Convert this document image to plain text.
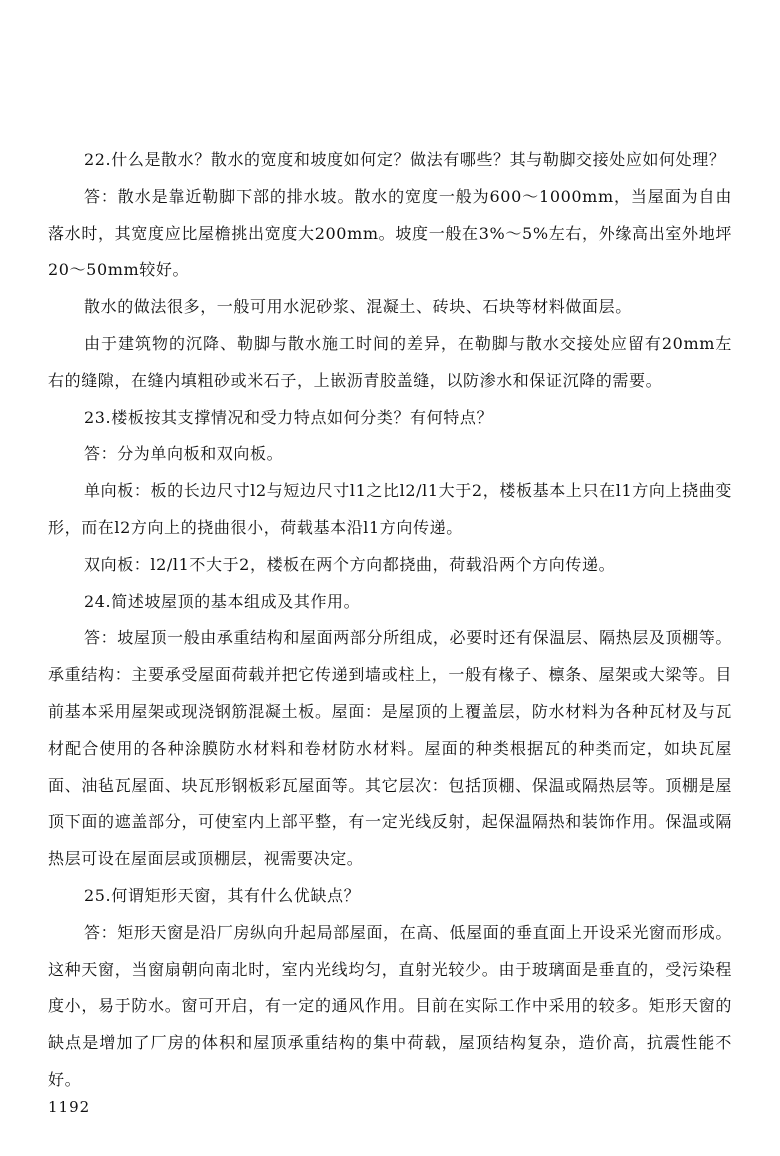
22.什么是散水？散水的宽度和坡度如何定？做法有哪些？其与勒脚交接处应如何处理？

答：散水是靠近勒脚下部的排水坡。散水的宽度一般为600～1000mm，当屋面为自由落水时，其宽度应比屋檐挑出宽度大200mm。坡度一般在3%～5%左右，外缘高出室外地坪20～50mm较好。

散水的做法很多，一般可用水泥砂浆、混凝土、砖块、石块等材料做面层。

由于建筑物的沉降、勒脚与散水施工时间的差异，在勒脚与散水交接处应留有20mm左右的缝隙，在缝内填粗砂或米石子，上嵌沥青胶盖缝，以防渗水和保证沉降的需要。

23.楼板按其支撑情况和受力特点如何分类？有何特点？

答：分为单向板和双向板。

单向板：板的长边尺寸l2与短边尺寸l1之比l2/l1大于2，楼板基本上只在l1方向上挠曲变形，而在l2方向上的挠曲很小，荷载基本沿l1方向传递。

双向板：l2/l1不大于2，楼板在两个方向都挠曲，荷载沿两个方向传递。

24.简述坡屋顶的基本组成及其作用。

答：坡屋顶一般由承重结构和屋面两部分所组成，必要时还有保温层、隔热层及顶棚等。承重结构：主要承受屋面荷载并把它传递到墙或柱上，一般有椽子、檩条、屋架或大梁等。目前基本采用屋架或现浇钢筋混凝土板。屋面：是屋顶的上覆盖层，防水材料为各种瓦材及与瓦材配合使用的各种涂膜防水材料和卷材防水材料。屋面的种类根据瓦的种类而定，如块瓦屋面、油毡瓦屋面、块瓦形钢板彩瓦屋面等。其它层次：包括顶棚、保温或隔热层等。顶棚是屋顶下面的遮盖部分，可使室内上部平整，有一定光线反射，起保温隔热和装饰作用。保温或隔热层可设在屋面层或顶棚层，视需要决定。

25.何谓矩形天窗，其有什么优缺点？

答：矩形天窗是沿厂房纵向升起局部屋面，在高、低屋面的垂直面上开设采光窗而形成。这种天窗，当窗扇朝向南北时，室内光线均匀，直射光较少。由于玻璃面是垂直的，受污染程度小，易于防水。窗可开启，有一定的通风作用。目前在实际工作中采用的较多。矩形天窗的缺点是增加了厂房的体积和屋顶承重结构的集中荷载，屋顶结构复杂，造价高，抗震性能不好。

1192
